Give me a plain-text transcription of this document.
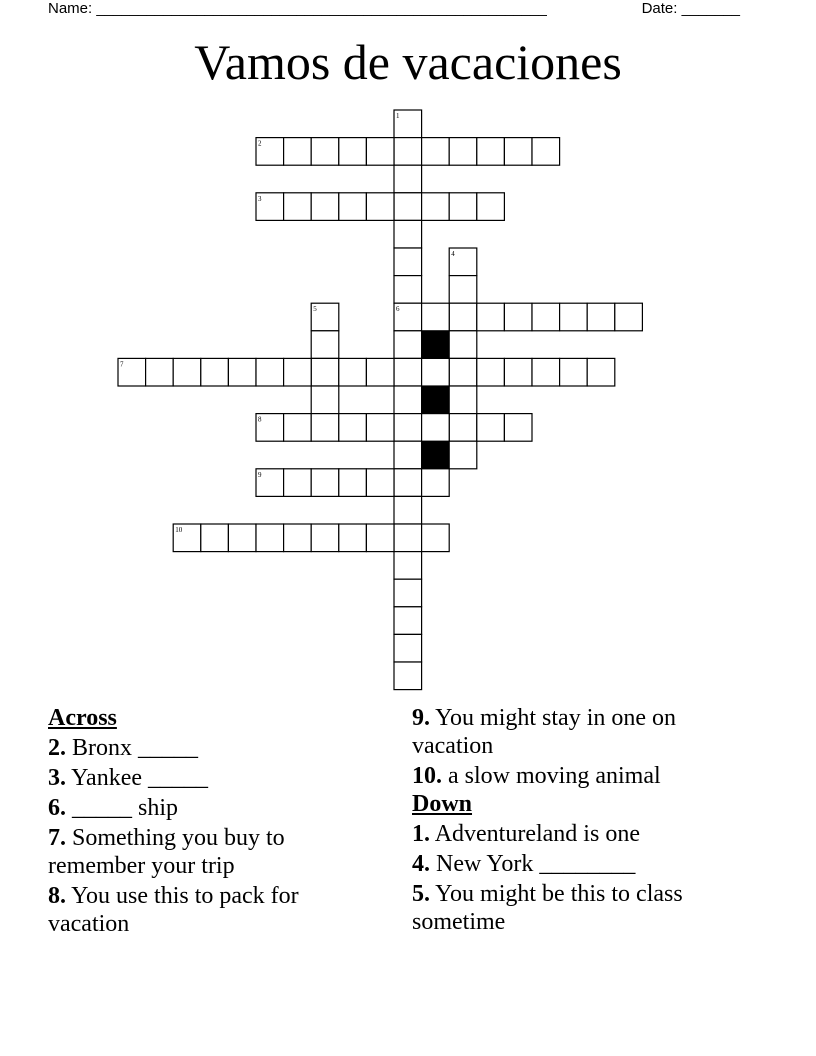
Name: ______________________________________________________	Date: _______
Vamos de vacaciones
1
6
2
3
4
5
7
8
9
10
Across
2. Bronx _____
3. Yankee _____
6. _____ ship
7. Something you buy to remember your trip
8. You use this to pack for vacation
9. You might stay in one on vacation
10. a slow moving animal
Down
1. Adventureland is one
4. New York ________
5. You might be this to class sometime
